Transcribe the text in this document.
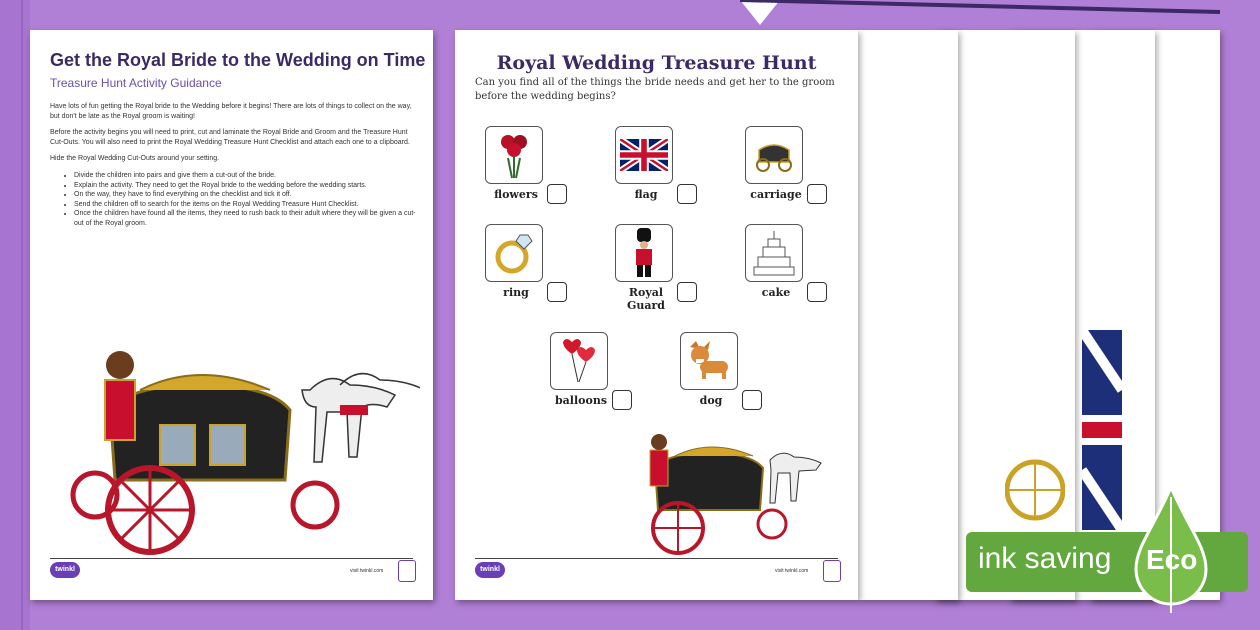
Get the Royal Bride to the Wedding on Time
Treasure Hunt Activity Guidance

Have lots of fun getting the Royal bride to the Wedding before it begins! There are lots of things to collect on the way, but don't be late as the Royal groom is waiting!

Before the activity begins you will need to print, cut and laminate the Royal Bride and Groom and the Treasure Hunt Cut-Outs. You will also need to print the Royal Wedding Treasure Hunt Checklist and attach each one to a clipboard.

Hide the Royal Wedding Cut-Outs around your setting.

• Divide the children into pairs and give them a cut-out of the bride.
• Explain the activity. They need to get the Royal bride to the wedding before the wedding starts.
• On the way, they have to find everything on the checklist and tick it off.
• Send the children off to search for the items on the Royal Wedding Treasure Hunt Checklist.
• Once the children have found all the items, they need to rush back to their adult where they will be given a cut-out of the Royal groom.
twinkl	visit twinkl.com
Royal Wedding Treasure Hunt
Can you find all of the things the bride needs and get her to the groom before the wedding begins?
flowers	flag	carriage
ring	Royal Guard
cake
balloons	dog
twinkl	visit twinkl.com	ink saving Eco
